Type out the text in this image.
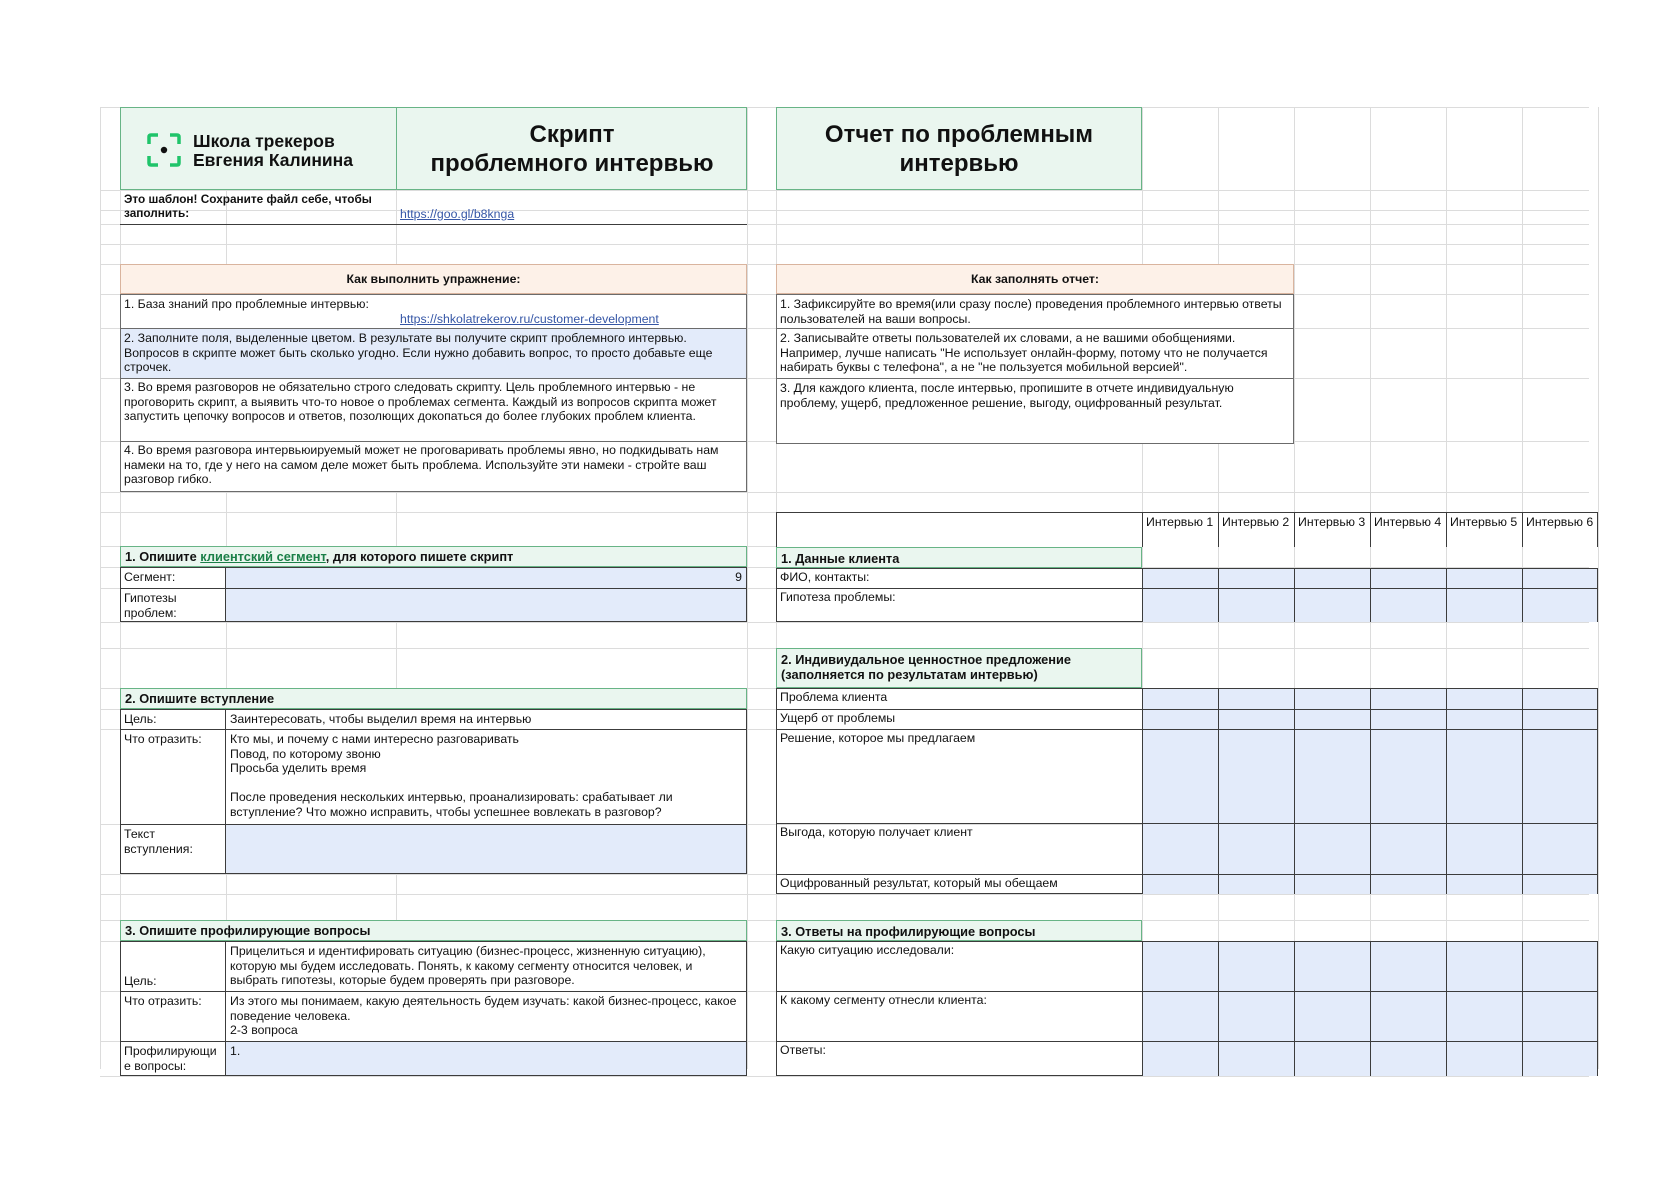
Школа трекеров
Евгения Калинина
Скрипт
проблемного интервью
Это шаблон! Сохраните файл себе, чтобы заполнить:	https://goo.gl/b8knga

Как выполнить упражнение:
1. База знаний про проблемные интервью:

https://shkolatrekerov.ru/customer-development

2. Заполните поля, выделенные цветом. В результате вы получите скрипт проблемного интервью. Вопросов в скрипте может быть сколько угодно. Если нужно добавить вопрос, то просто добавьте еще строчек.
3. Во время разговоров не обязательно строго следовать скрипту. Цель проблемного интервью - не проговорить скрипт, а выявить что-то новое о проблемах сегмента. Каждый из вопросов скрипта может запустить цепочку вопросов и ответов, позолющих докопаться до более глубоких проблем клиента.
4. Во время разговора интервьюируемый может не проговаривать проблемы явно, но подкидывать нам намеки на то, где у него на самом деле может быть проблема. Используйте эти намеки - стройте ваш разговор гибко.
1. Опишите клиентский сегмент, для которого пишете скрипт
Сегмент:	9
Гипотезы проблем:
2. Опишите вступление
Цель:	Заинтересовать, чтобы выделил время на интервью
Что отразить:	Кто мы, и почему с нами интересно разговаривать
Повод, по которому звоню
Просьба уделить время

После проведения нескольких интервью, проанализировать: срабатывает ли вступление? Что можно исправить, чтобы успешнее вовлекать в разговор?
Текст вступления:
3. Опишите профилирующие вопросы
Цель:
Прицелиться и идентифировать ситуацию (бизнес-процесс, жизненную ситуацию), которую мы будем исследовать. Понять, к какому сегменту относится человек, и выбрать гипотезы, которые будем проверять при разговоре.
Что отразить:	Из этого мы понимаем, какую деятельность будем изучать: какой бизнес-процесс, какое поведение человека.
2-3 вопроса
Профилирующи е вопросы:
1.
Отчет по проблемным
интервью
Как заполнять отчет:
1. Зафиксируйте во время(или сразу после) проведения проблемного интервью ответы пользователей на ваши вопросы.
2. Записывайте ответы пользователей их словами, а не вашими обобщениями. Например, лучше написать "Не использует онлайн-форму, потому что не получается набирать буквы с телефона", а не "не пользуется мобильной версией".
3. Для каждого клиента, после интервью, пропишите в отчете индивидуальную проблему, ущерб, предложенное решение, выгоду, оцифрованный результат.
Интервью 1 Интервью 2 Интервью 3 Интервью 4 Интервью 5 Интервью 6
1. Данные клиента
ФИО, контакты:
Гипотеза проблемы:
2. Индивиудальное ценностное предложение (заполняется по результатам интервью)
Проблема клиента
Ущерб от проблемы
Решение, которое мы предлагаем
Выгода, которую получает клиент
Оцифрованный результат, который мы обещаем
3. Ответы на профилирующие вопросы
Какую ситуацию исследовали:
К какому сегменту отнесли клиента:
Ответы:
